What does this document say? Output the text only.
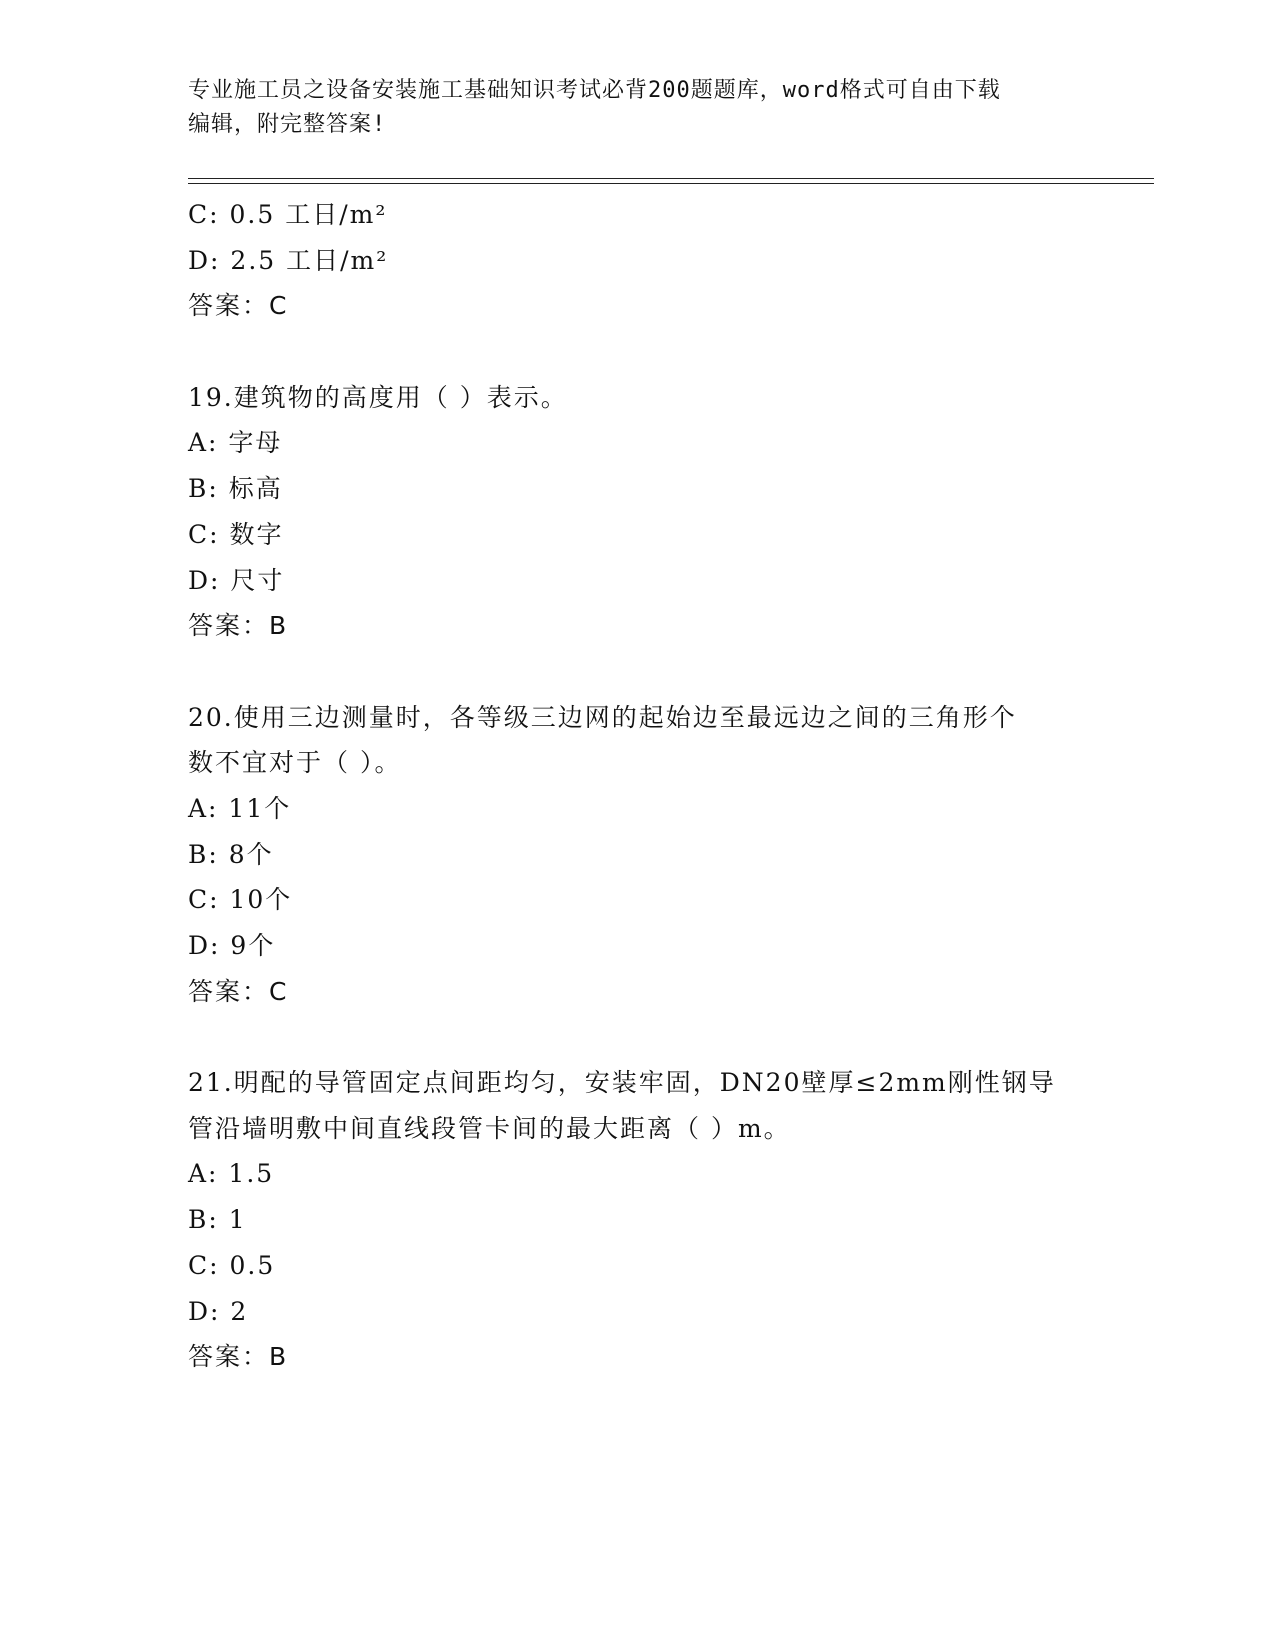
专业施工员之设备安装施工基础知识考试必背200题题库，word格式可自由下载
编辑，附完整答案!
C: 0.5 工日/m²
D: 2.5 工日/m²
答案：C
19.建筑物的高度用（ ）表示。
A: 字母
B: 标高
C: 数字
D: 尺寸
答案：B
20.使用三边测量时，各等级三边网的起始边至最远边之间的三角形个
数不宜对于（ ）。
A: 11个
B: 8个
C: 10个
D: 9个
答案：C
21.明配的导管固定点间距均匀，安装牢固，DN20壁厚≤2mm刚性钢导
管沿墙明敷中间直线段管卡间的最大距离（ ）m。
A: 1.5
B: 1
C: 0.5
D: 2
答案：B
